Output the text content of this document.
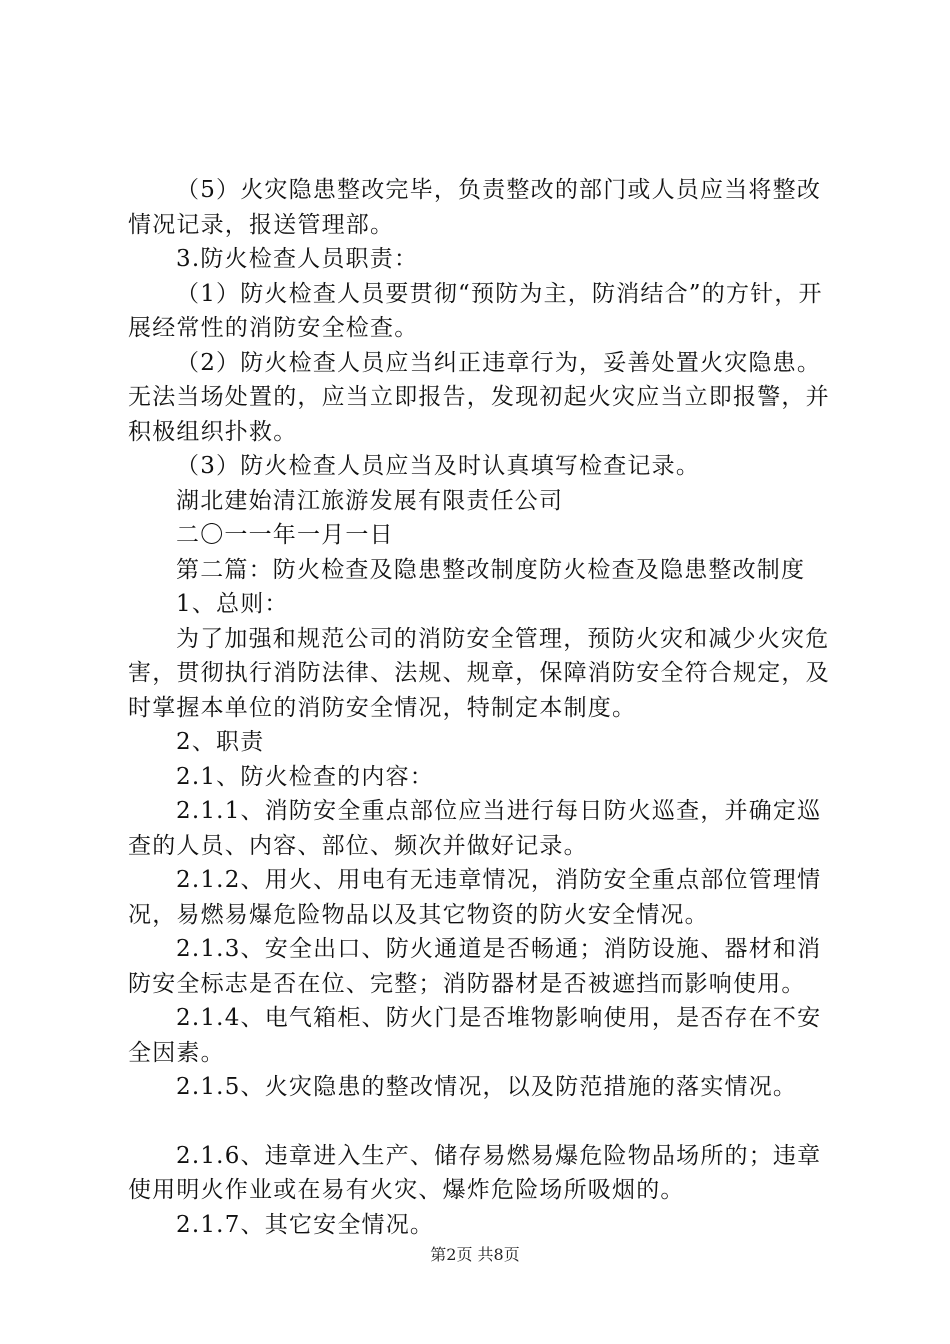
（5）火灾隐患整改完毕，负责整改的部门或人员应当将整改情况记录，报送管理部。

3.防火检查人员职责：

（1）防火检查人员要贯彻“预防为主，防消结合”的方针，开展经常性的消防安全检查。

（2）防火检查人员应当纠正违章行为，妥善处置火灾隐患。无法当场处置的，应当立即报告，发现初起火灾应当立即报警，并积极组织扑救。

（3）防火检查人员应当及时认真填写检查记录。

湖北建始清江旅游发展有限责任公司

二〇一一年一月一日

第二篇：防火检查及隐患整改制度防火检查及隐患整改制度

1、总则：

为了加强和规范公司的消防安全管理，预防火灾和减少火灾危害，贯彻执行消防法律、法规、规章，保障消防安全符合规定，及时掌握本单位的消防安全情况，特制定本制度。

2、职责

2.1、防火检查的内容：

2.1.1、消防安全重点部位应当进行每日防火巡查，并确定巡查的人员、内容、部位、频次并做好记录。

2.1.2、用火、用电有无违章情况，消防安全重点部位管理情况，易燃易爆危险物品以及其它物资的防火安全情况。

2.1.3、安全出口、防火通道是否畅通；消防设施、器材和消防安全标志是否在位、完整；消防器材是否被遮挡而影响使用。

2.1.4、电气箱柜、防火门是否堆物影响使用，是否存在不安全因素。

2.1.5、火灾隐患的整改情况，以及防范措施的落实情况。

2.1.6、违章进入生产、储存易燃易爆危险物品场所的；违章使用明火作业或在易有火灾、爆炸危险场所吸烟的。

2.1.7、其它安全情况。

第2页 共8页
